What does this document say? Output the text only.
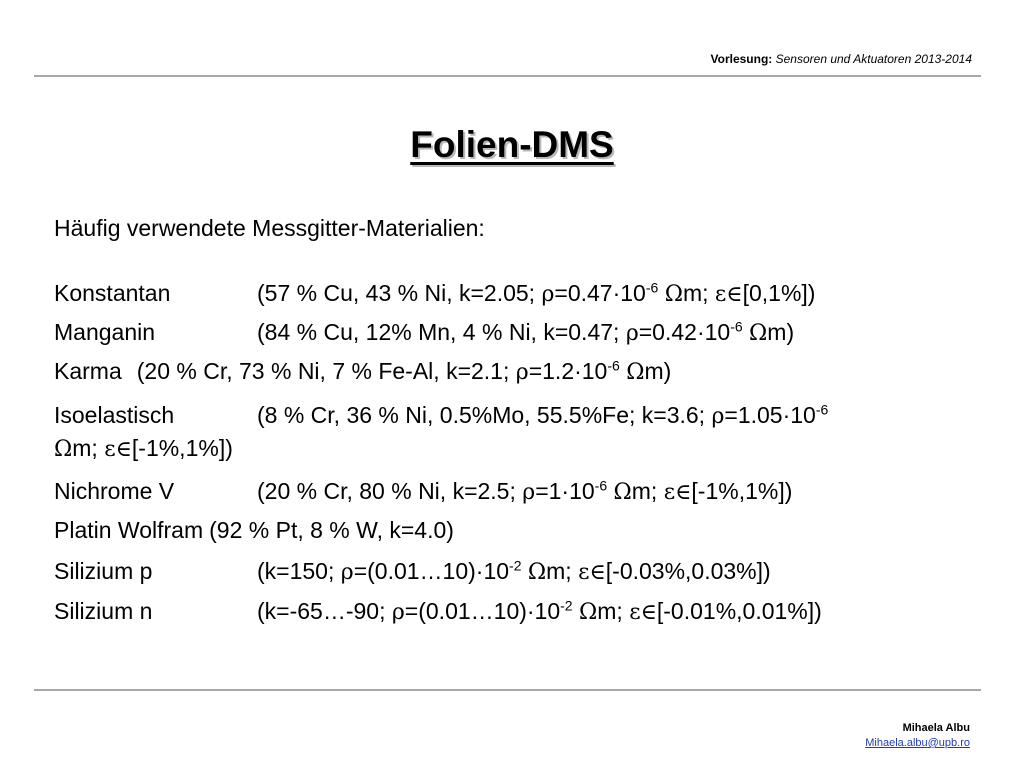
Vorlesung: Sensoren und Aktuatoren 2013-2014
Folien-DMS
Häufig verwendete Messgitter-Materialien:
Konstantan	(57 % Cu, 43 % Ni, k=2.05; $\rho=0.47\cdot 10^{-6}$ Ωm; ε∈[0,1%])
Manganin	(84 % Cu, 12% Mn, 4 % Ni, k=0.47; $\rho=0.42\cdot 10^{-6}$ Ωm)
Karma (20 % Cr, 73 % Ni, 7 % Fe-Al, k=2.1; $\rho=1.2\cdot 10^{-6}$ Ωm)
Isoelastisch	(8 % Cr, 36 % Ni, 0.5%Mo, 55.5%Fe; k=3.6; $\rho=1.05\cdot 10^{-6}$
Ωm; ε∈[-1%,1%])
Nichrome V	(20 % Cr, 80 % Ni, k=2.5; $\rho=1\cdot 10^{-6}$ Ωm; ε∈[-1%,1%])
Platin Wolfram (92 % Pt, 8 % W, k=4.0)
Silizium p	(k=150; $\rho=(0.01\dots 10)\cdot 10^{-2}$ Ωm; ε∈[-0.03%,0.03%])
Silizium n	(k=-65…-90; $\rho=(0.01\dots 10)\cdot 10^{-2}$ Ωm; ε∈[-0.01%,0.01%])
Mihaela Albu
Mihaela.albu@upb.ro
